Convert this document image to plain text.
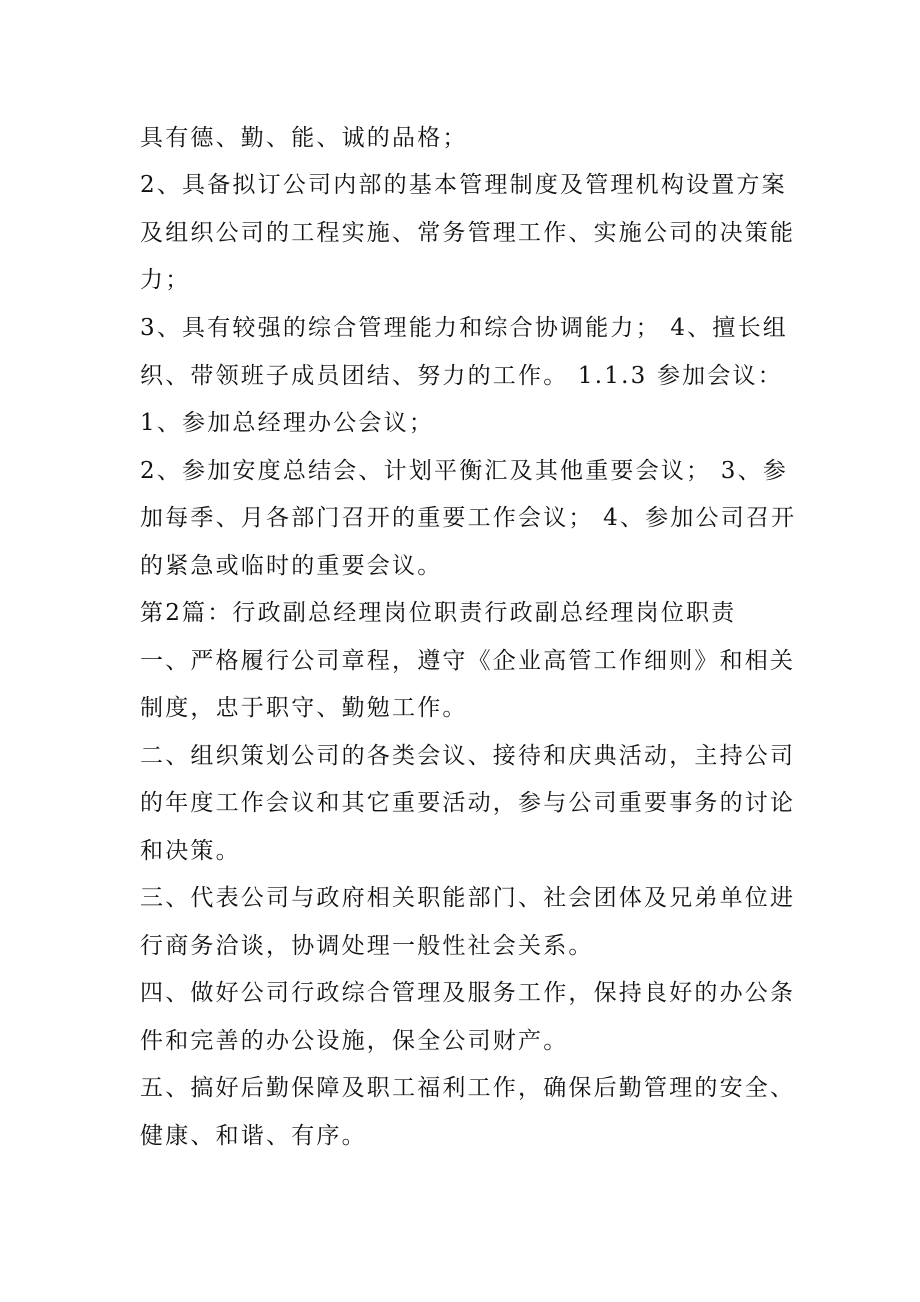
具有德、勤、能、诚的品格；
2、具备拟订公司内部的基本管理制度及管理机构设置方案
及组织公司的工程实施、常务管理工作、实施公司的决策能
力；
3、具有较强的综合管理能力和综合协调能力； 4、擅长组
织、带领班子成员团结、努力的工作。 1.1.3 参加会议：
1、参加总经理办公会议；
2、参加安度总结会、计划平衡汇及其他重要会议； 3、参
加每季、月各部门召开的重要工作会议； 4、参加公司召开
的紧急或临时的重要会议。
第2篇：行政副总经理岗位职责行政副总经理岗位职责
一、严格履行公司章程，遵守《企业高管工作细则》和相关
制度，忠于职守、勤勉工作。
二、组织策划公司的各类会议、接待和庆典活动，主持公司
的年度工作会议和其它重要活动，参与公司重要事务的讨论
和决策。
三、代表公司与政府相关职能部门、社会团体及兄弟单位进
行商务洽谈，协调处理一般性社会关系。
四、做好公司行政综合管理及服务工作，保持良好的办公条
件和完善的办公设施，保全公司财产。
五、搞好后勤保障及职工福利工作，确保后勤管理的安全、
健康、和谐、有序。
